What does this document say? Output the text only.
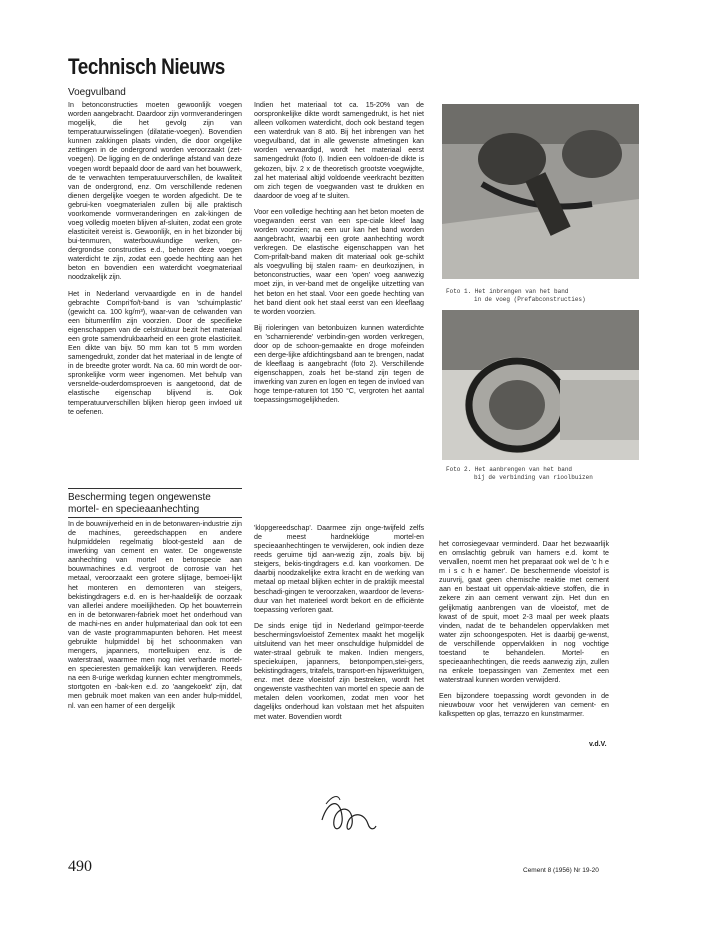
Technisch Nieuws
Voegvulband

In betonconstructies moeten gewoonlijk voegen worden aangebracht. Daardoor zijn vormveranderingen mogelijk, die het gevolg zijn van temperatuurwisselingen (dilatatie-voegen). Bovendien kunnen zakkingen plaats vinden, die door ongelijke zettingen in de ondergrond worden veroorzaakt (zet-voegen). De ligging en de onderlinge afstand van deze voegen wordt bepaald door de aard van het bouwwerk, de te verwachten temperatuurverschillen, de kwaliteit van de ondergrond, enz. Om verschillende redenen dienen dergelijke voegen te worden afgedicht. De te gebrui-ken voegmaterialen zullen bij alle praktisch voorkomende vormveranderingen en zak-kingen de voeg volledig moeten blijven af-sluiten, zodat een grote elasticiteit vereist is. Gewoonlijk, en in het bizonder bij bui-tenmuren, waterbouwkundige werken, on-dergrondse constructies e.d., behoren deze voegen waterdicht te zijn, zodat een goede hechting aan het beton en bovendien een waterdicht voegmateriaal noodzakelijk zijn.

Het in Nederland vervaardigde en in de handel gebrachte Compri'fo/t-band is van 'schuimplastic' (gewicht ca. 100 kg/m³), waar-van de celwanden van een bitumenfilm zijn voorzien. Door de specifieke eigenschappen van de celstruktuur bezit het materiaal een grote samendrukbaarheid en een grote elasticiteit. Een dikte van bijv. 50 mm kan tot 5 mm worden samengedrukt, zonder dat het materiaal in de lengte of in de breedte groter wordt. Na ca. 60 min wordt de oor-spronkelijke vorm weer ingenomen. Met behulp van versnelde-ouderdomsproeven is aangetoond, dat de elastische eigenschap blijvend is. Ook temperatuurverschillen blijken hierop geen invloed uit te oefenen.

Indien het materiaal tot ca. 15-20% van de oorspronkelijke dikte wordt samengedrukt, is het niet alleen volkomen waterdicht, doch ook bestand tegen een waterdruk van 8 atö. Bij het inbrengen van het voegvulband, dat in alle gewenste afmetingen kan worden vervaardigd, wordt het materiaal eerst samengedrukt (foto I). Indien een voldoen-de dikte is gekozen, bijv. 2 x de theoretisch grootste voegwijdte, zal het materiaal altijd voldoende veerkracht bezitten om zich tegen de voegwanden vast te drukken en daardoor de voeg af te sluiten.

Voor een volledige hechting aan het beton moeten de voegwanden eerst van een spe-ciale kleef laag worden voorzien; na een uur kan het band worden aangebracht, waarbij een grote aanhechting wordt verkregen. De elastische eigenschappen van het Com-prifalt-band maken dit materiaal ook ge-schikt als voegvulling bij stalen raam- en deurkozijnen, in betonconstructies, waar een 'open' voeg aanwezig moet zijn, in ver-band met de ongelijke uitzetting van het beton en het staal. Voor een goede hechting van het band dient ook het staal eerst van een kleeflaag te worden voorzien.

Bij rioleringen van betonbuizen kunnen waterdichte en 'scharnierende' verbindin-gen worden verkregen, door op de schoon-gemaakte en droge mofeinden een derge-lijke afdichtingsband aan te brengen, nadat de kleeflaag is aangebracht (foto 2). Verschillende eigenschappen, zoals het be-stand zijn tegen de inwerking van zuren en logen en tegen de invloed van hoge tempe-raturen tot 150 °C, vergroten het aantal toepassingsmogelijkheden.

Foto 1. Het inbrengen van het band
in de voeg (Prefabconstructies)
Foto 2. Het aanbrengen van het band
bij de verbinding van rioolbuizen
Bescherming tegen ongewenste
mortel- en specieaanhechting

In de bouwnijverheid en in de betonwaren-industrie zijn de machines, gereedschappen en andere hulpmiddelen regelmatig bloot-gesteld aan de inwerking van cement en water. De ongewenste aanhechting van mortel en betonspecie aan bouwmachines e.d. vergroot de corrosie van het metaal, veroorzaakt een grotere slijtage, bemoei-lijkt het monteren en demonteren van steigers, bekistingdragers e.d. en is her-haaldelijk de oorzaak van allerlei andere moeilijkheden. Op het bouwterrein en in de betonwaren-fabriek moet het onderhoud van de machi-nes en ander hulpmateriaal dan ook tot een van de vaste programmapunten behoren. Het meest gebruikte hulpmiddel bij het schoonmaken van mengers, japanners, mortelkuipen enz. is de waterstraal, waarmee men nog niet verharde mortel- en specieresten gemakkelijk kan verwijderen. Reeds na een 8-urige werkdag kunnen echter mengtrommels, stortgoten en -bak-ken e.d. zo 'aangekoekt' zijn, dat men gebruik moet maken van een ander hulp-middel, nl. van een hamer of een dergelijk

'klopgereedschap'. Daarmee zijn onge-twijfeld zelfs de meest hardnekkige mortel-en specieaanhechtingen te verwijderen, ook indien deze reeds geruime tijd aan-wezig zijn, zoals bijv. bij steigers, bekis-tingdragers e.d. kan voorkomen. De daarbij noodzakelijke extra kracht en de werking van metaal op metaal blijken echter in de praktijk meestal beschadi-gingen te veroorzaken, waardoor de levens-duur van het materieel wordt bekort en de efficiënte toepassing verloren gaat.

De sinds enige tijd in Nederland geïmpor-teerde beschermingsvloeistof Zementex maakt het mogelijk uitsluitend van het meer onschuldige hulpmiddel de water-straal gebruik te maken. Indien mengers, speciekuipen, japanners, betonpompen,stei-gers, bekistingdragers, tritafels, transport-en hijswerktuigen, enz. met deze vloeistof zijn bestreken, wordt het ongewenste vasthechten van mortel en specie aan de metalen delen voorkomen, zodat men voor het dagelijks onderhoud kan volstaan met het afspuiten met water. Bovendien wordt

het corrosiegevaar verminderd. Daar het bezwaarlijk en omslachtig gebruik van hamers e.d. komt te vervallen, noemt men het preparaat ook wel de 'c h e m i s c h e hamer'. De beschermende vloeistof is zuurvrij, gaat geen chemische reaktie met cement aan en bestaat uit oppervlak-aktieve stoffen, die in zekere zin aan cement verwant zijn. Het dun en gelijkmatig aanbrengen van de vloeistof, met de kwast of de spuit, moet 2-3 maal per week plaats vinden, nadat de te behandelen oppervlakken met water zijn schoongespoten. Het is daarbij ge-wenst, de verschillende oppervlakken in nog vochtige toestand te behandelen. Mortel- en specieaanhechtingen, die reeds aanwezig zijn, zullen na enkele toepassingen van Zementex met een waterstraal kunnen worden verwijderd.

Een bijzondere toepassing wordt gevonden in de nieuwbouw voor het verwijderen van cement- en kalkspetten op glas, terrazzo en kunstmarmer.

v.d.V.
490	Cement 8 (1956) Nr 19-20
